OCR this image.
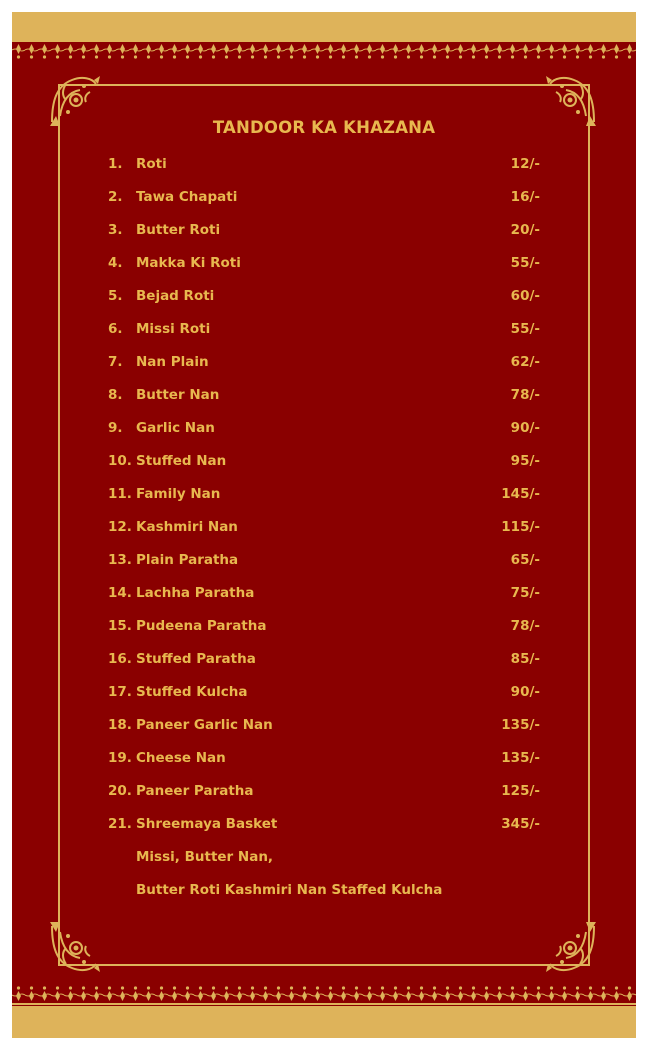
TANDOOR KA KHAZANA
1. Roti	12/-
2. Tawa Chapati	16/-
3. Butter Roti	20/-
4. Makka Ki Roti	55/-
5. Bejad Roti	60/-
6. Missi Roti	55/-
7. Nan Plain	62/-
8. Butter Nan	78/-
9. Garlic Nan	90/-
10. Stuffed Nan	95/-
11. Family Nan	145/-
12. Kashmiri Nan	115/-
13. Plain Paratha	65/-
14. Lachha Paratha	75/-
15. Pudeena Paratha	78/-
16. Stuffed Paratha	85/-
17. Stuffed Kulcha	90/-
18. Paneer Garlic Nan	135/-
19. Cheese Nan	135/-
20. Paneer Paratha	125/-
21. Shreemaya Basket	345/-
Missi, Butter Nan,
Butter Roti Kashmiri Nan Staffed Kulcha
